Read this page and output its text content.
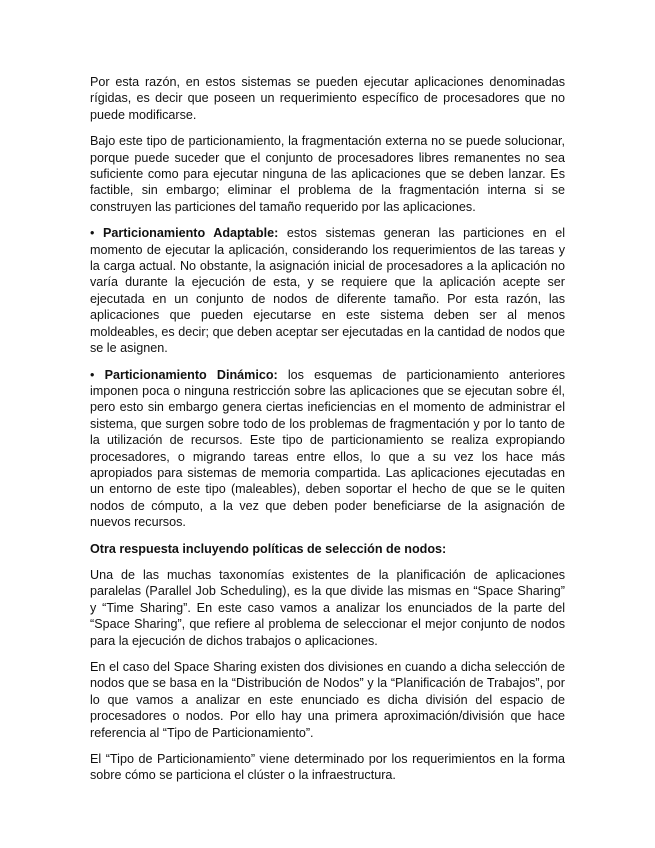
Por esta razón, en estos sistemas se pueden ejecutar aplicaciones denominadas rígidas, es decir que poseen un requerimiento específico de procesadores que no puede modificarse.

Bajo este tipo de particionamiento, la fragmentación externa no se puede solucionar, porque puede suceder que el conjunto de procesadores libres remanentes no sea suficiente como para ejecutar ninguna de las aplicaciones que se deben lanzar. Es factible, sin embargo; eliminar el problema de la fragmentación interna si se construyen las particiones del tamaño requerido por las aplicaciones.

• Particionamiento Adaptable: estos sistemas generan las particiones en el momento de ejecutar la aplicación, considerando los requerimientos de las tareas y la carga actual. No obstante, la asignación inicial de procesadores a la aplicación no varía durante la ejecución de esta, y se requiere que la aplicación acepte ser ejecutada en un conjunto de nodos de diferente tamaño. Por esta razón, las aplicaciones que pueden ejecutarse en este sistema deben ser al menos moldeables, es decir; que deben aceptar ser ejecutadas en la cantidad de nodos que se le asignen.

• Particionamiento Dinámico: los esquemas de particionamiento anteriores imponen poca o ninguna restricción sobre las aplicaciones que se ejecutan sobre él, pero esto sin embargo genera ciertas ineficiencias en el momento de administrar el sistema, que surgen sobre todo de los problemas de fragmentación y por lo tanto de la utilización de recursos. Este tipo de particionamiento se realiza expropiando procesadores, o migrando tareas entre ellos, lo que a su vez los hace más apropiados para sistemas de memoria compartida. Las aplicaciones ejecutadas en un entorno de este tipo (maleables), deben soportar el hecho de que se le quiten nodos de cómputo, a la vez que deben poder beneficiarse de la asignación de nuevos recursos.

Otra respuesta incluyendo políticas de selección de nodos:

Una de las muchas taxonomías existentes de la planificación de aplicaciones paralelas (Parallel Job Scheduling), es la que divide las mismas en “Space Sharing” y “Time Sharing”. En este caso vamos a analizar los enunciados de la parte del “Space Sharing”, que refiere al problema de seleccionar el mejor conjunto de nodos para la ejecución de dichos trabajos o aplicaciones.

En el caso del Space Sharing existen dos divisiones en cuando a dicha selección de nodos que se basa en la “Distribución de Nodos” y la “Planificación de Trabajos”, por lo que vamos a analizar en este enunciado es dicha división del espacio de procesadores o nodos. Por ello hay una primera aproximación/división que hace referencia al “Tipo de Particionamiento”.

El “Tipo de Particionamiento” viene determinado por los requerimientos en la forma sobre cómo se particiona el clúster o la infraestructura.
